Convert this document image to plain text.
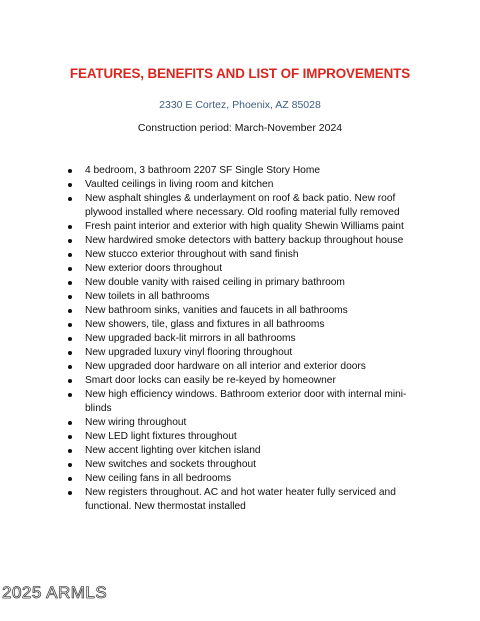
FEATURES, BENEFITS AND LIST OF IMPROVEMENTS
2330 E Cortez, Phoenix, AZ 85028
Construction period: March-November 2024
4 bedroom, 3 bathroom 2207 SF Single Story Home
Vaulted ceilings in living room and kitchen
New asphalt shingles & underlayment on roof & back patio. New roof plywood installed where necessary. Old roofing material fully removed
Fresh paint interior and exterior with high quality Shewin Williams paint
New hardwired smoke detectors with battery backup throughout house
New stucco exterior throughout with sand finish
New exterior doors throughout
New double vanity with raised ceiling in primary bathroom
New toilets in all bathrooms
New bathroom sinks, vanities and faucets in all bathrooms
New showers, tile, glass and fixtures in all bathrooms
New upgraded back-lit mirrors in all bathrooms
New upgraded luxury vinyl flooring throughout
New upgraded door hardware on all interior and exterior doors
Smart door locks can easily be re-keyed by homeowner
New high efficiency windows. Bathroom exterior door with internal mini-blinds
New wiring throughout
New LED light fixtures throughout
New accent lighting over kitchen island
New switches and sockets throughout
New ceiling fans in all bedrooms
New registers throughout. AC and hot water heater fully serviced and functional. New thermostat installed
2025 ARMLS
